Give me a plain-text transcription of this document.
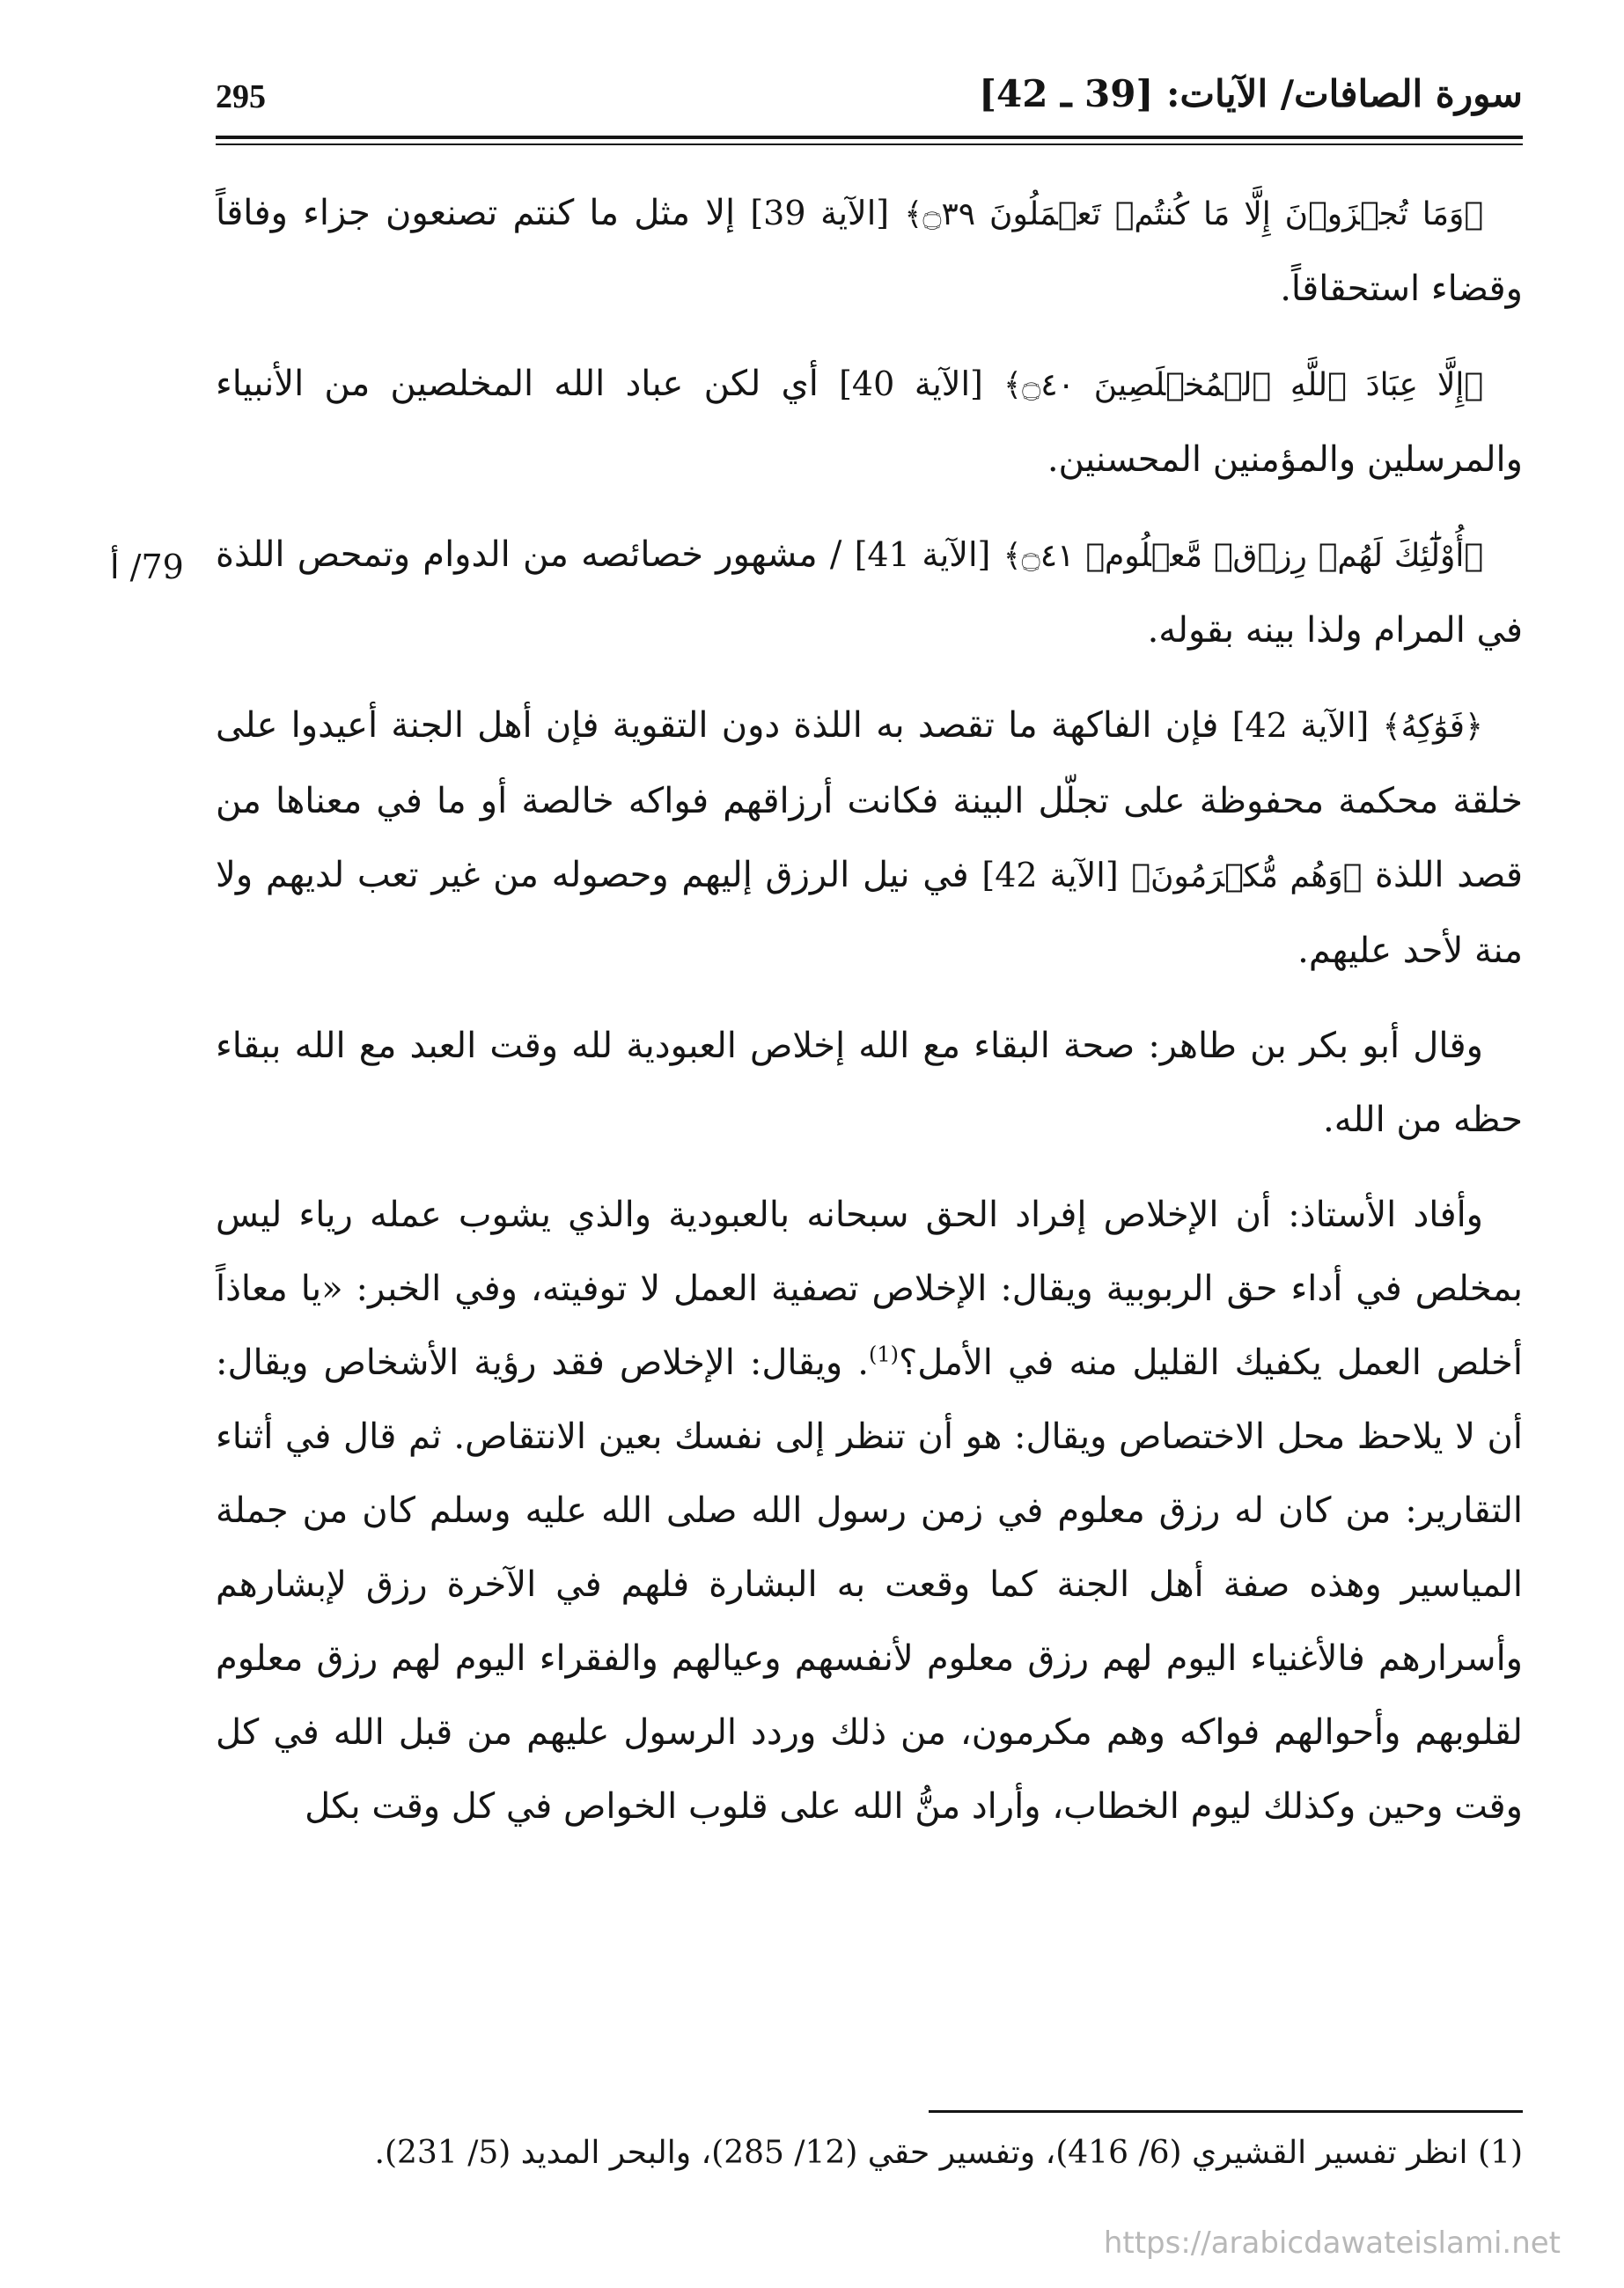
295	سورة الصافات/ الآيات: [39 ـ 42]
79/ أ

﴿وَمَا تُجۡزَوۡنَ إِلَّا مَا كُنتُمۡ تَعۡمَلُونَ ۝٣٩﴾ [الآية 39] إلا مثل ما كنتم تصنعون جزاء وفاقاً وقضاء استحقاقاً.

﴿إِلَّا عِبَادَ ٱللَّهِ ٱلۡمُخۡلَصِينَ ۝٤٠﴾ [الآية 40] أي لكن عباد الله المخلصين من الأنبياء والمرسلين والمؤمنين المحسنين.

﴿أُوْلَٰٓئِكَ لَهُمۡ رِزۡقٞ مَّعۡلُومٞ ۝٤١﴾ [الآية 41] / مشهور خصائصه من الدوام وتمحص اللذة في المرام ولذا بينه بقوله.

﴿فَوَٰكِهُ﴾ [الآية 42] فإن الفاكهة ما تقصد به اللذة دون التقوية فإن أهل الجنة أعيدوا على خلقة محكمة محفوظة على تجلّل البينة فكانت أرزاقهم فواكه خالصة أو ما في معناها من قصد اللذة ﴿وَهُم مُّكۡرَمُونَ﴾ [الآية 42] في نيل الرزق إليهم وحصوله من غير تعب لديهم ولا منة لأحد عليهم.

وقال أبو بكر بن طاهر: صحة البقاء مع الله إخلاص العبودية لله وقت العبد مع الله ببقاء حظه من الله.

وأفاد الأستاذ: أن الإخلاص إفراد الحق سبحانه بالعبودية والذي يشوب عمله رياء ليس بمخلص في أداء حق الربوبية ويقال: الإخلاص تصفية العمل لا توفيته، وفي الخبر: «يا معاذاً أخلص العمل يكفيك القليل منه في الأمل؟$^{(1)}$. ويقال: الإخلاص فقد رؤية الأشخاص ويقال: أن لا يلاحظ محل الاختصاص ويقال: هو أن تنظر إلى نفسك بعين الانتقاص. ثم قال في أثناء التقارير: من كان له رزق معلوم في زمن رسول الله صلى الله عليه وسلم كان من جملة المياسير وهذه صفة أهل الجنة كما وقعت به البشارة فلهم في الآخرة رزق لإبشارهم وأسرارهم فالأغنياء اليوم لهم رزق معلوم لأنفسهم وعيالهم والفقراء اليوم لهم رزق معلوم لقلوبهم وأحوالهم فواكه وهم مكرمون، من ذلك وردد الرسول عليهم من قبل الله في كل وقت وحين وكذلك ليوم الخطاب، وأراد منُّ الله على قلوب الخواص في كل وقت بكل

(1) انظر تفسير القشيري (6/ 416)، وتفسير حقي (12/ 285)، والبحر المديد (5/ 231).
https://arabicdawateislami.net
